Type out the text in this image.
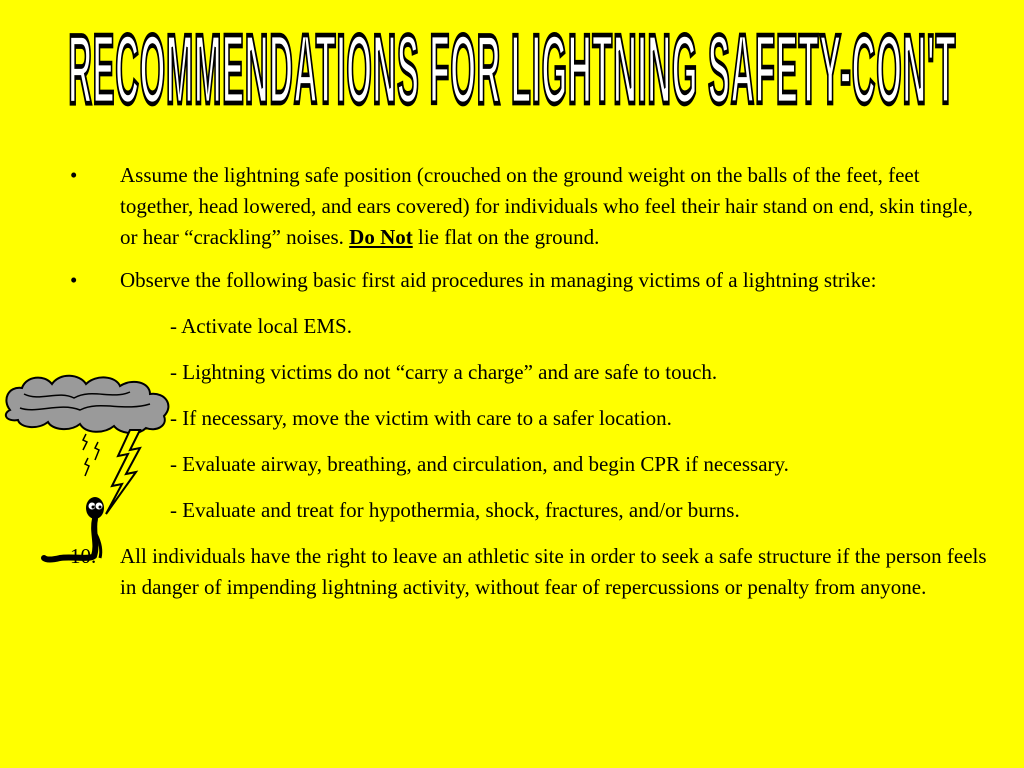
RECOMMENDATIONS FOR LIGHTNING SAFETY-CON'T
•	Assume the lightning safe position (crouched on the ground weight on the balls of the feet, feet together, head lowered, and ears covered) for individuals who feel their hair stand on end, skin tingle, or hear “crackling” noises. Do Not lie flat on the ground.
•	Observe the following basic first aid procedures in managing victims of a lightning strike:
- Activate local EMS.
- Lightning victims do not “carry a charge” and are safe to touch.
- If necessary, move the victim with care to a safer location.
- Evaluate airway, breathing, and circulation, and begin CPR if necessary.
- Evaluate and treat for hypothermia, shock, fractures, and/or burns.
10. All individuals have the right to leave an athletic site in order to seek a safe structure if the person feels in danger of impending lightning activity, without fear of repercussions or penalty from anyone.
